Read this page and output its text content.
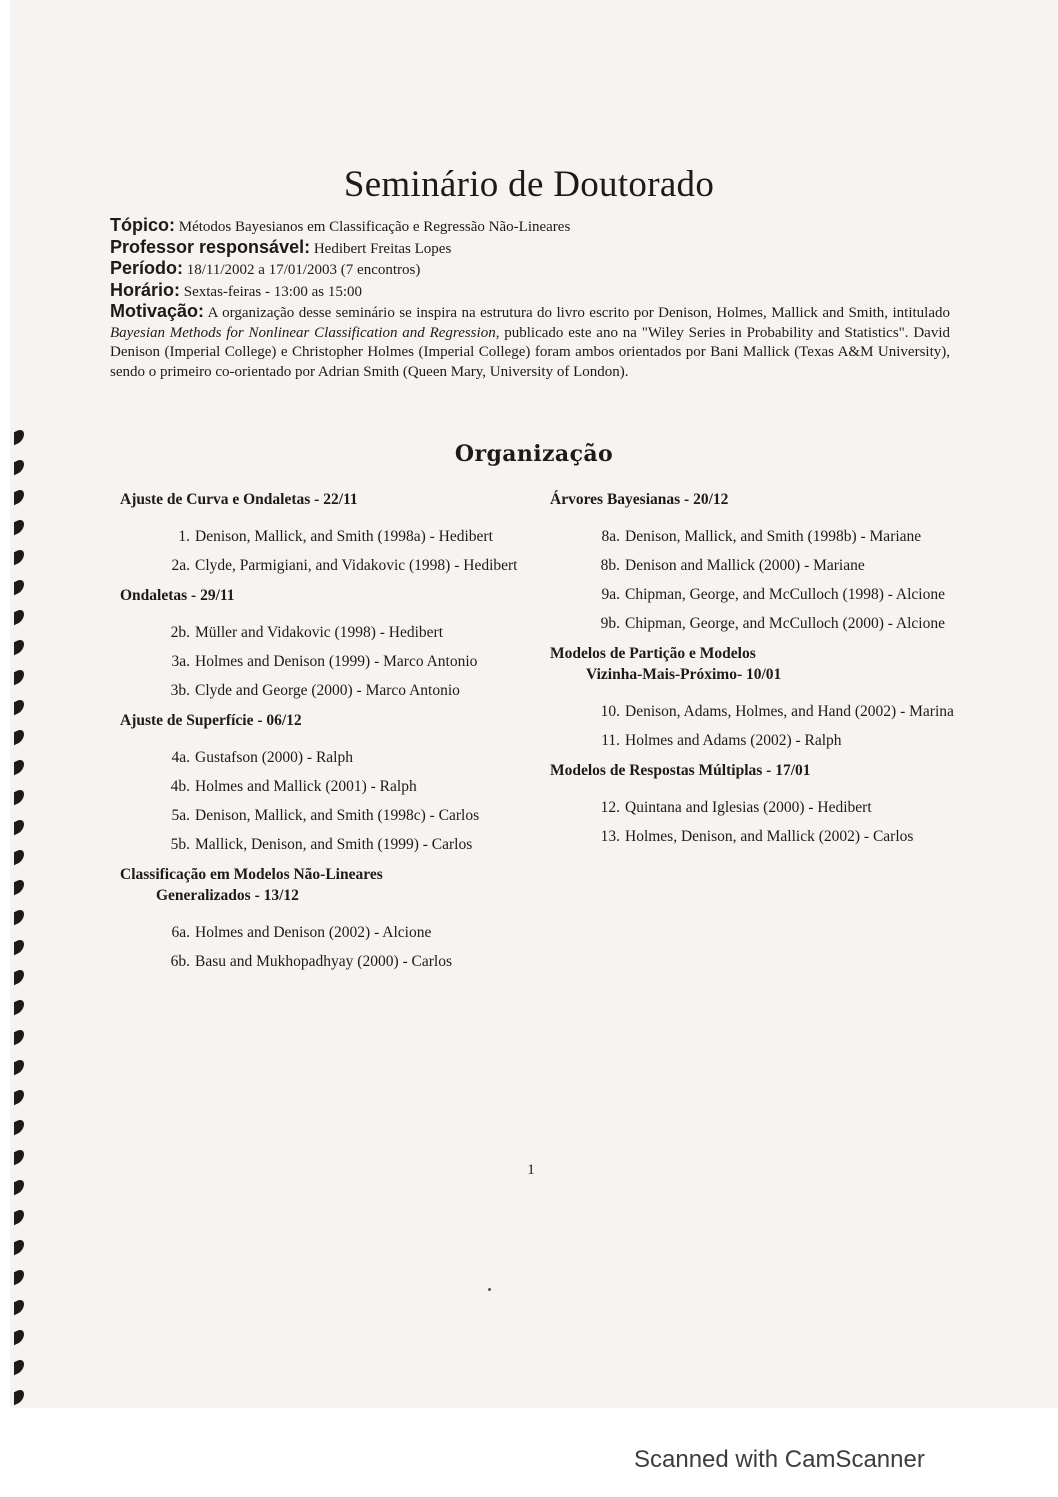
Seminário de Doutorado
Tópico: Métodos Bayesianos em Classificação e Regressão Não-Lineares
Professor responsável: Hedibert Freitas Lopes
Período: 18/11/2002 a 17/01/2003 (7 encontros)
Horário: Sextas-feiras - 13:00 as 15:00
Motivação: A organização desse seminário se inspira na estrutura do livro escrito por Denison, Holmes, Mallick and Smith, intitulado Bayesian Methods for Nonlinear Classification and Regression, publicado este ano na "Wiley Series in Probability and Statistics". David Denison (Imperial College) e Christopher Holmes (Imperial College) foram ambos orientados por Bani Mallick (Texas A&M University), sendo o primeiro co-orientado por Adrian Smith (Queen Mary, University of London).
Organização
Ajuste de Curva e Ondaletas - 22/11
1. Denison, Mallick, and Smith (1998a) - Hedibert
2a. Clyde, Parmigiani, and Vidakovic (1998) - Hedibert
Ondaletas - 29/11
2b. Müller and Vidakovic (1998) - Hedibert
3a. Holmes and Denison (1999) - Marco Antonio
3b. Clyde and George (2000) - Marco Antonio
Ajuste de Superfície - 06/12
4a. Gustafson (2000) - Ralph
4b. Holmes and Mallick (2001) - Ralph
5a. Denison, Mallick, and Smith (1998c) - Carlos
5b. Mallick, Denison, and Smith (1999) - Carlos
Classificação em Modelos Não-Lineares
Generalizados - 13/12
6a. Holmes and Denison (2002) - Alcione
6b. Basu and Mukhopadhyay (2000) - Carlos
Árvores Bayesianas - 20/12
8a. Denison, Mallick, and Smith (1998b) - Mariane
8b. Denison and Mallick (2000) - Mariane
9a. Chipman, George, and McCulloch (1998) - Alcione
9b. Chipman, George, and McCulloch (2000) - Alcione
Modelos de Partição e Modelos
Vizinha-Mais-Próximo- 10/01
10. Denison, Adams, Holmes, and Hand (2002) - Marina
11. Holmes and Adams (2002) - Ralph
Modelos de Respostas Múltiplas - 17/01
12. Quintana and Iglesias (2000) - Hedibert
13. Holmes, Denison, and Mallick (2002) - Carlos
1
Scanned with CamScanner
